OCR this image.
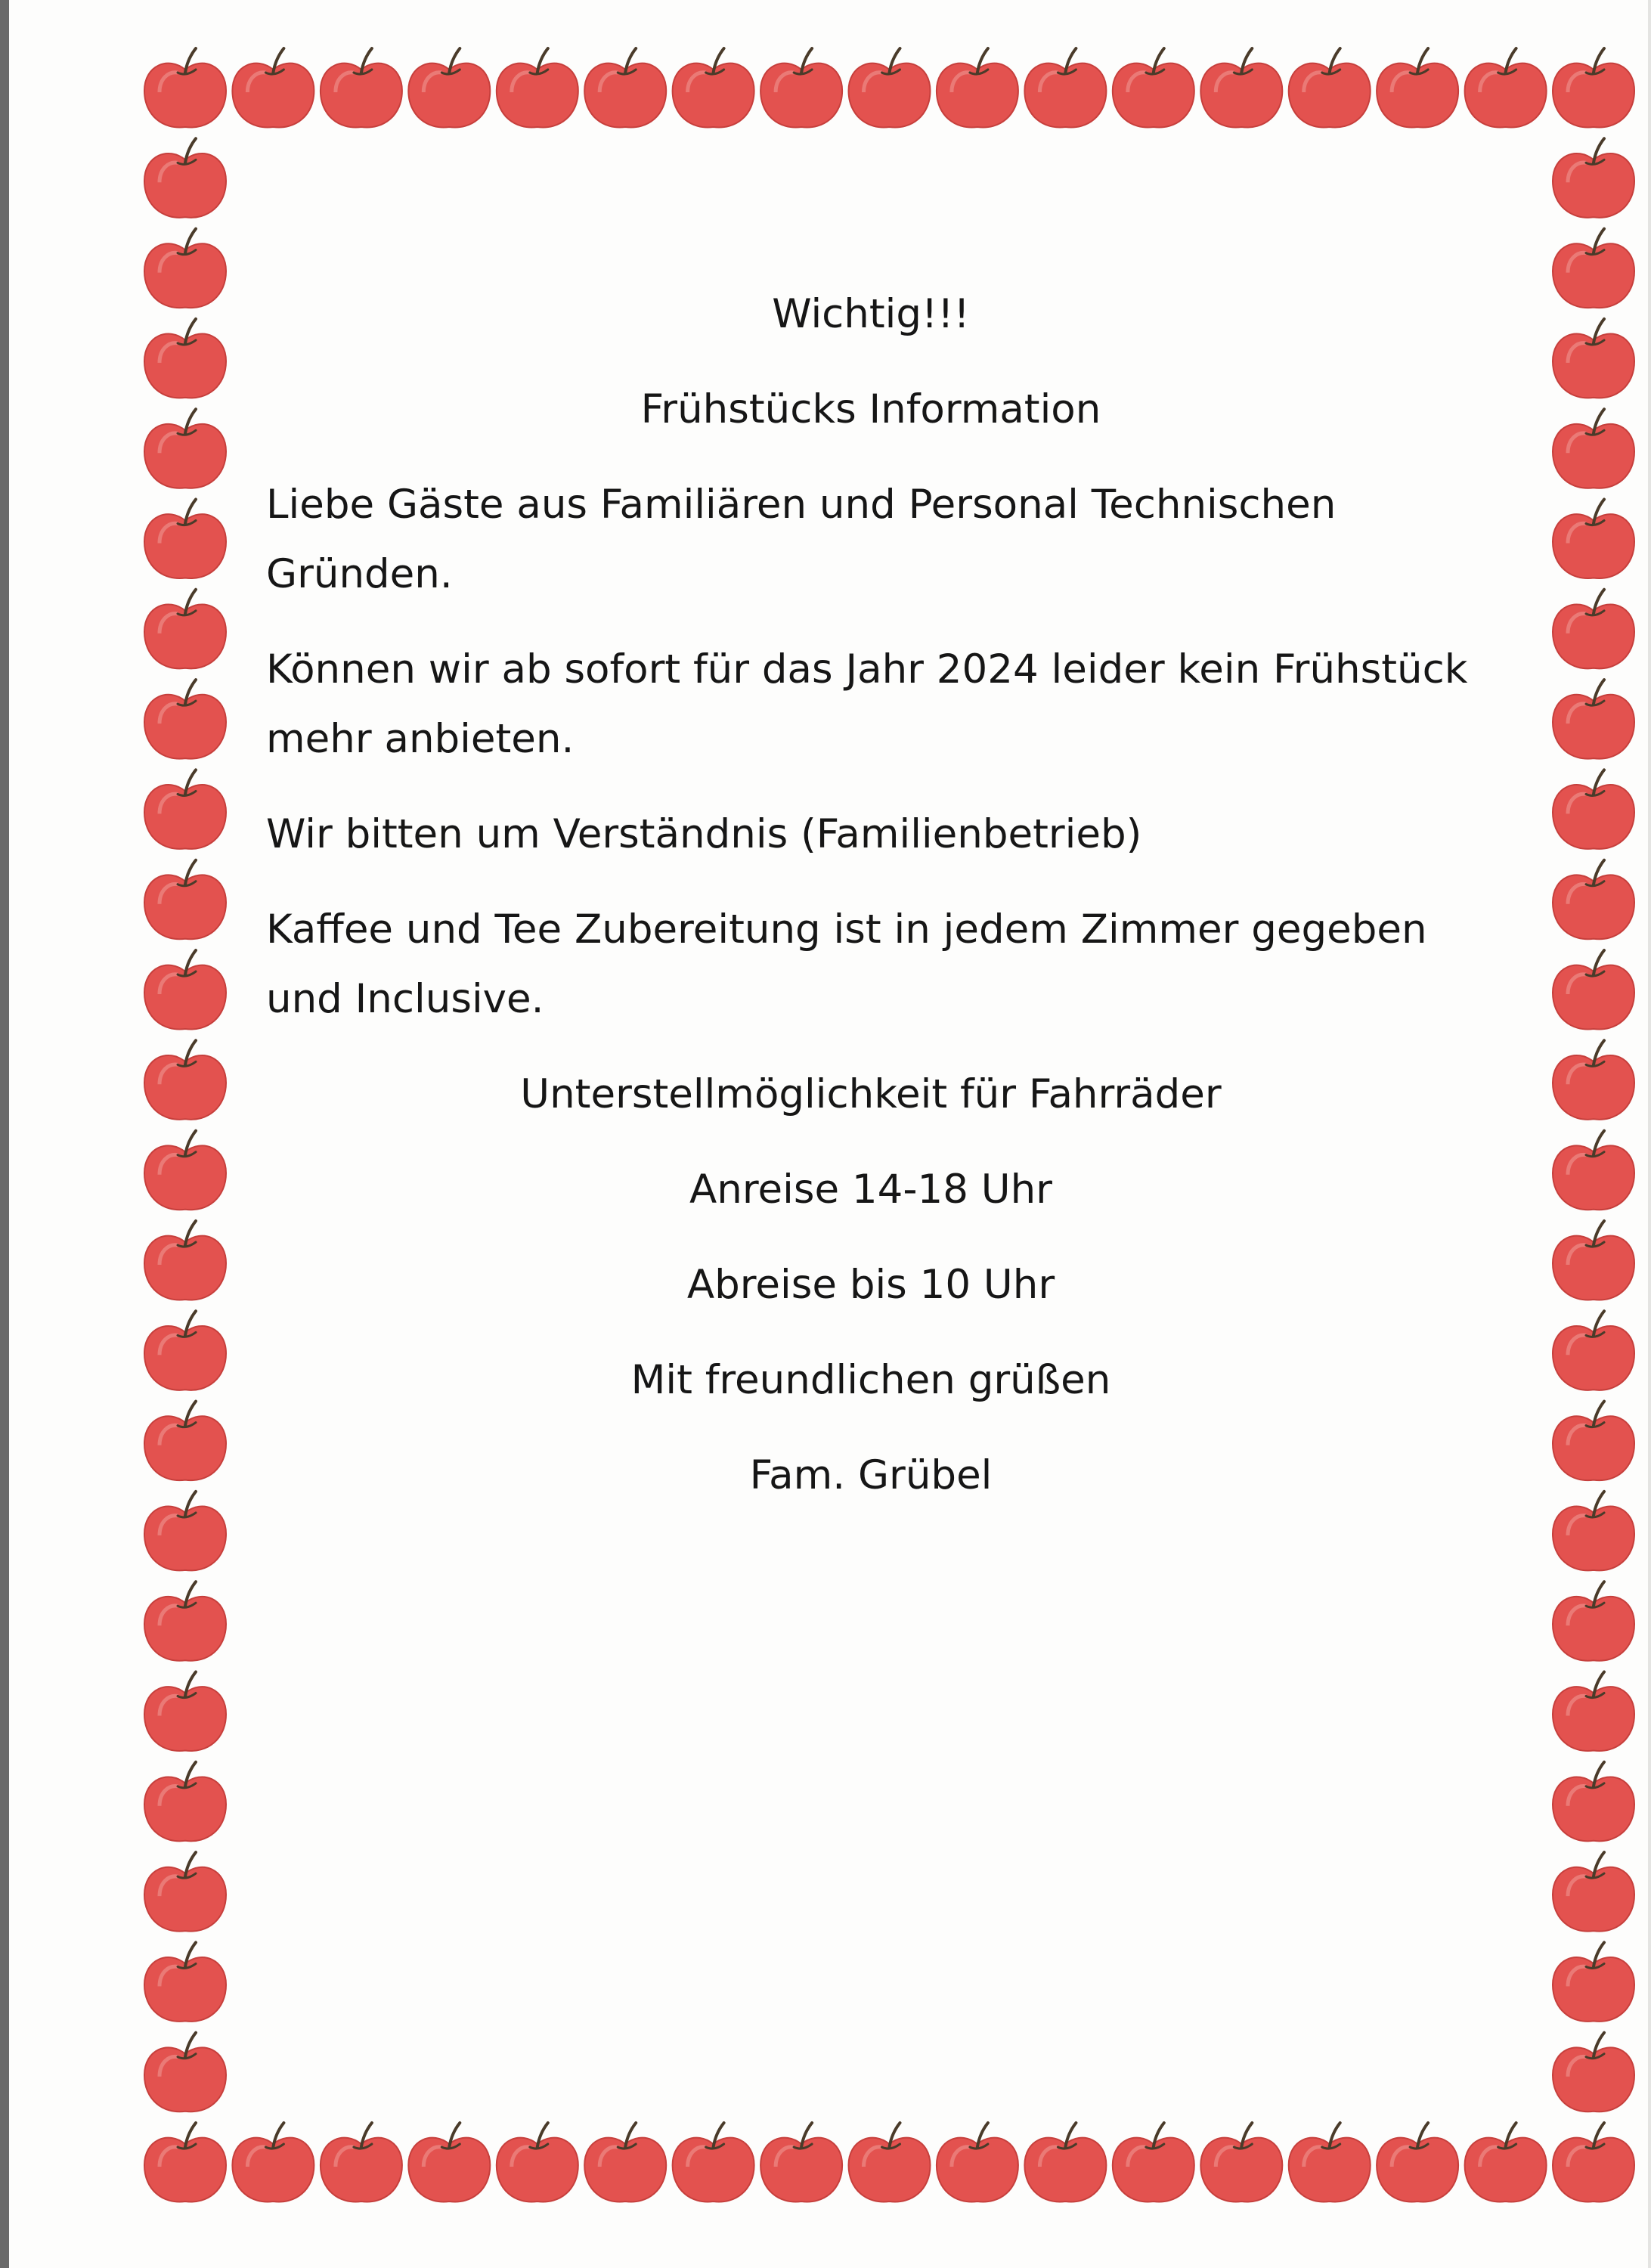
Wichtig!!!

Frühstücks Information

Liebe Gäste aus Familiären und Personal Technischen Gründen.

Können wir ab sofort für das Jahr 2024 leider kein Frühstück mehr anbieten.

Wir bitten um Verständnis (Familienbetrieb)

Kaffee und Tee Zubereitung ist in jedem Zimmer gegeben und Inclusive.

Unterstellmöglichkeit für Fahrräder

Anreise 14-18 Uhr

Abreise bis 10 Uhr

Mit freundlichen grüßen

Fam. Grübel
